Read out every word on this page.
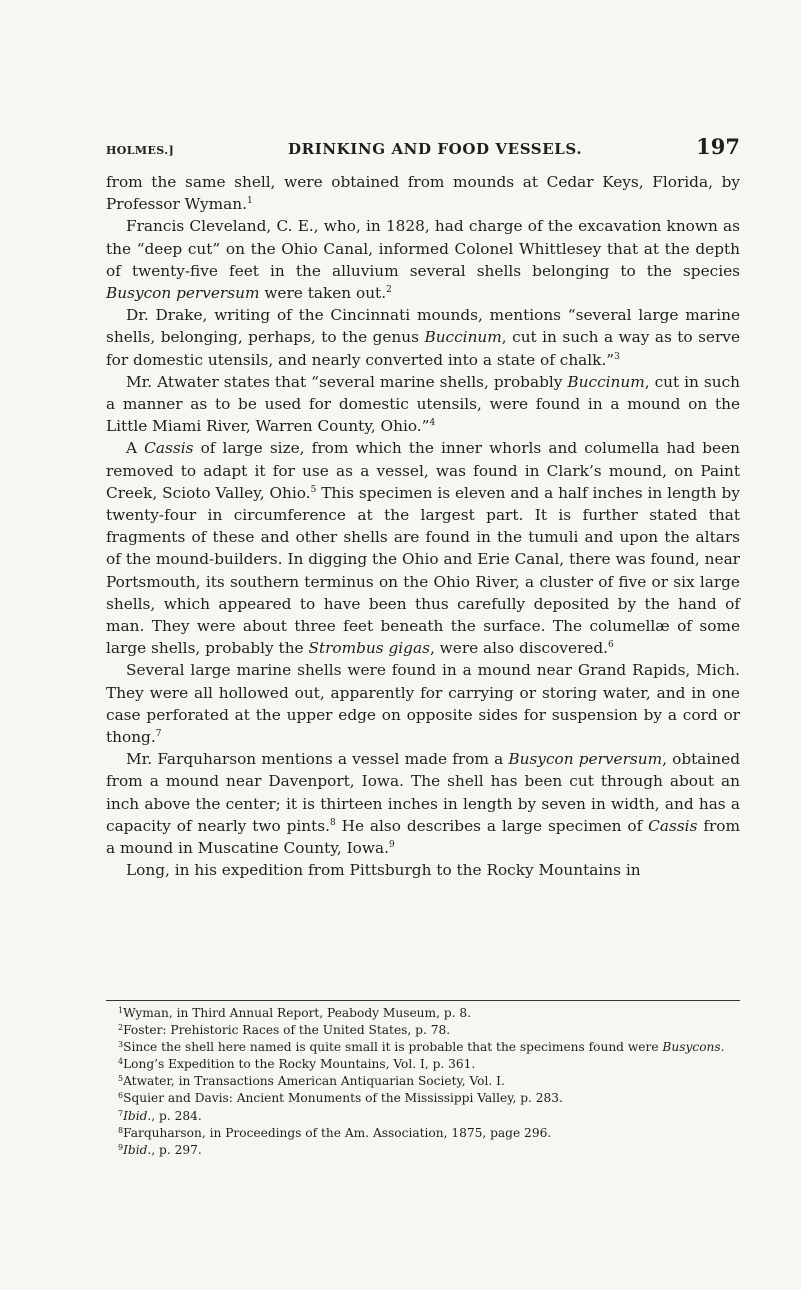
HOLMES.]	DRINKING AND FOOD VESSELS.	197

from the same shell, were obtained from mounds at Cedar Keys, Florida, by Professor Wyman.$^1$

Francis Cleveland, C. E., who, in 1828, had charge of the excavation known as the “deep cut” on the Ohio Canal, informed Colonel Whittlesey that at the depth of twenty-five feet in the alluvium several shells belonging to the species Busycon perversum were taken out.$^2$

Dr. Drake, writing of the Cincinnati mounds, mentions “several large marine shells, belonging, perhaps, to the genus Buccinum, cut in such a way as to serve for domestic utensils, and nearly converted into a state of chalk.”$^3$

Mr. Atwater states that “several marine shells, probably Buccinum, cut in such a manner as to be used for domestic utensils, were found in a mound on the Little Miami River, Warren County, Ohio.”$^4$

A Cassis of large size, from which the inner whorls and columella had been removed to adapt it for use as a vessel, was found in Clark’s mound, on Paint Creek, Scioto Valley, Ohio.$^5$ This specimen is eleven and a half inches in length by twenty-four in circumference at the largest part. It is further stated that fragments of these and other shells are found in the tumuli and upon the altars of the mound-builders. In digging the Ohio and Erie Canal, there was found, near Portsmouth, its southern terminus on the Ohio River, a cluster of five or six large shells, which appeared to have been thus carefully deposited by the hand of man. They were about three feet beneath the surface. The columellæ of some large shells, probably the Strombus gigas, were also discovered.$^6$

Several large marine shells were found in a mound near Grand Rapids, Mich. They were all hollowed out, apparently for carrying or storing water, and in one case perforated at the upper edge on opposite sides for suspension by a cord or thong.$^7$

Mr. Farquharson mentions a vessel made from a Busycon perversum, obtained from a mound near Davenport, Iowa. The shell has been cut through about an inch above the center; it is thirteen inches in length by seven in width, and has a capacity of nearly two pints.$^8$ He also describes a large specimen of Cassis from a mound in Muscatine County, Iowa.$^9$

Long, in his expedition from Pittsburgh to the Rocky Mountains in

$^1$Wyman, in Third Annual Report, Peabody Museum, p. 8.

$^2$Foster: Prehistoric Races of the United States, p. 78.

$^3$Since the shell here named is quite small it is probable that the specimens found were Busycons.

$^4$Long’s Expedition to the Rocky Mountains, Vol. I, p. 361.

$^5$Atwater, in Transactions American Antiquarian Society, Vol. I.

$^6$Squier and Davis: Ancient Monuments of the Mississippi Valley, p. 283.

$^7$Ibid., p. 284.

$^8$Farquharson, in Proceedings of the Am. Association, 1875, page 296.

$^9$Ibid., p. 297.
